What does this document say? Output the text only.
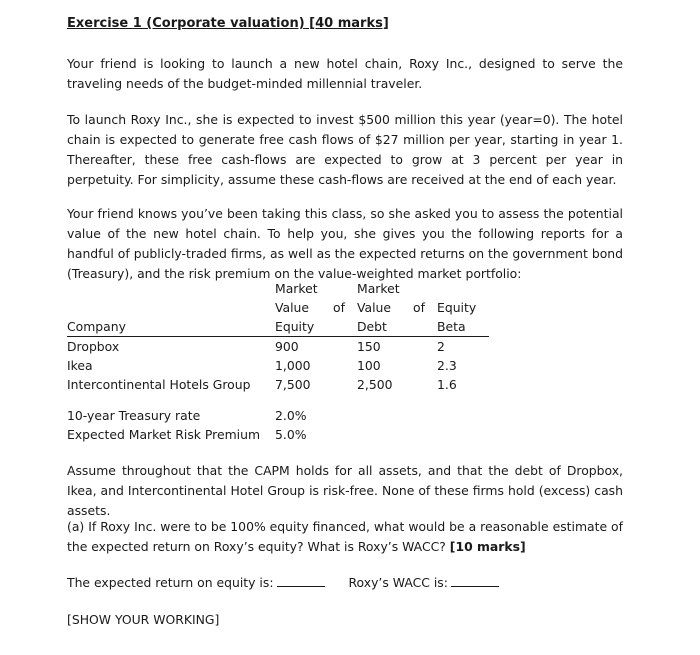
Exercise 1 (Corporate valuation) [40 marks]

Your friend is looking to launch a new hotel chain, Roxy Inc., designed to serve the traveling needs of the budget-minded millennial traveler.

To launch Roxy Inc., she is expected to invest $500 million this year (year=0). The hotel chain is expected to generate free cash flows of $27 million per year, starting in year 1. Thereafter, these free cash-flows are expected to grow at 3 percent per year in perpetuity. For simplicity, assume these cash-flows are received at the end of each year.

Your friend knows you’ve been taking this class, so she asked you to assess the potential value of the new hotel chain. To help you, she gives you the following reports for a handful of publicly-traded firms, as well as the expected returns on the government bond (Treasury), and the risk premium on the value-weighted market portfolio:

Assume throughout that the CAPM holds for all assets, and that the debt of Dropbox, Ikea, and Intercontinental Hotel Group is risk-free. None of these firms hold (excess) cash assets.

(a) If Roxy Inc. were to be 100% equity financed, what would be a reasonable estimate of the expected return on Roxy’s equity? What is Roxy’s WACC? [10 marks]

The expected return on equity is:	Roxy’s WACC is:
[SHOW YOUR WORKING]
	Market		Market		
	Value	of	Value	of	Equity
Company	Equity		Debt		Beta
Dropbox	900		150		2
Ikea	1,000		100		2.3
Intercontinental Hotels Group	7,500		2,500		1.6
10-year Treasury rate	2.0%
Expected Market Risk Premium	5.0%
